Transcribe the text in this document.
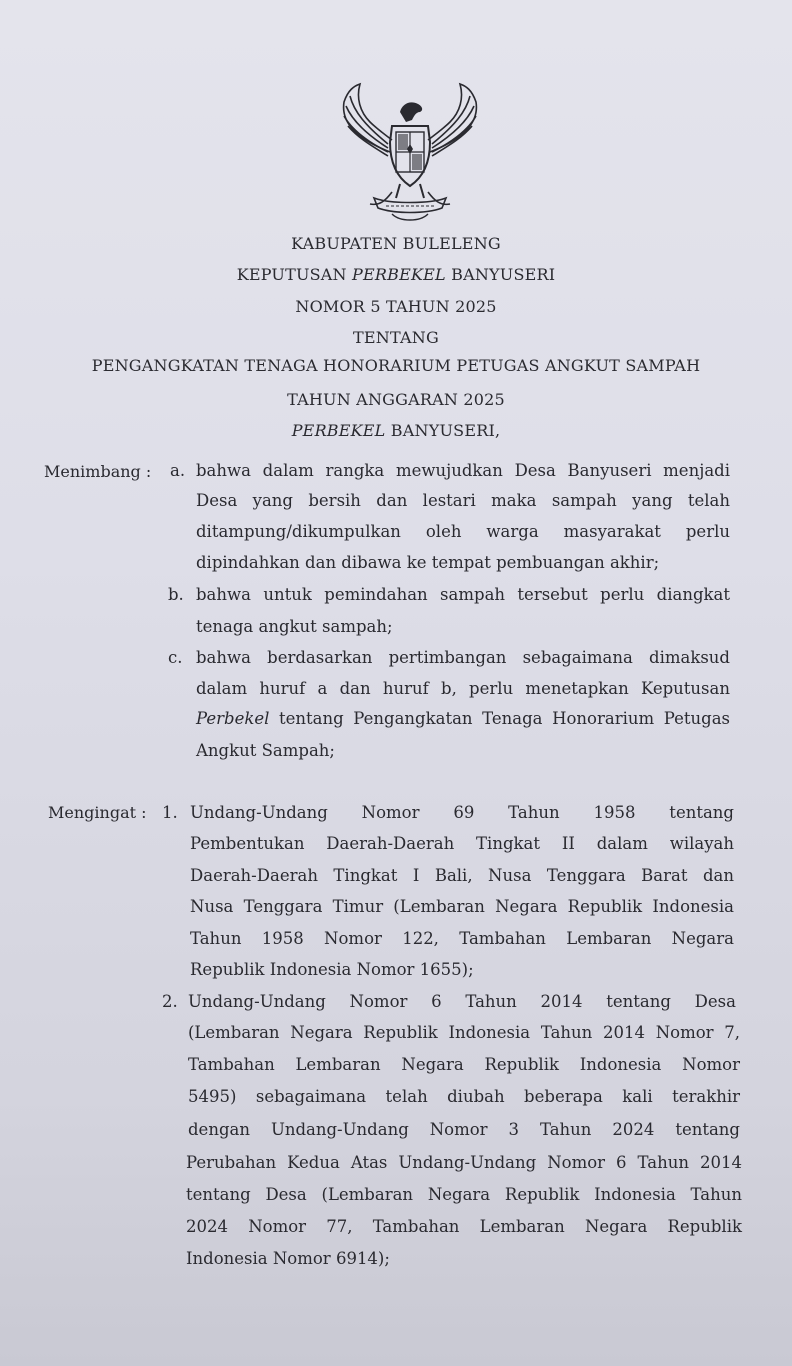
KABUPATEN BULELENG
KEPUTUSAN PERBEKEL BANYUSERI
NOMOR 5 TAHUN 2025
TENTANG
PENGANGKATAN TENAGA HONORARIUM PETUGAS ANGKUT SAMPAH
TAHUN ANGGARAN 2025
PERBEKEL BANYUSERI,
Menimbang : a. bahwa dalam rangka mewujudkan Desa Banyuseri menjadi
Desa yang bersih dan lestari maka sampah yang telah
ditampung/dikumpulkan oleh warga masyarakat perlu
dipindahkan dan dibawa ke tempat pembuangan akhir;
b. bahwa untuk pemindahan sampah tersebut perlu diangkat
tenaga angkut sampah;
c. bahwa berdasarkan pertimbangan sebagaimana dimaksud
dalam huruf a dan huruf b, perlu menetapkan Keputusan
Perbekel tentang Pengangkatan Tenaga Honorarium Petugas
Angkut Sampah;
Mengingat : 1. Undang-Undang Nomor 69 Tahun 1958 tentang
Pembentukan Daerah-Daerah Tingkat II dalam wilayah
Daerah-Daerah Tingkat I Bali, Nusa Tenggara Barat dan
Nusa Tenggara Timur (Lembaran Negara Republik Indonesia
Tahun 1958 Nomor 122, Tambahan Lembaran Negara
Republik Indonesia Nomor 1655);
2. Undang-Undang Nomor 6 Tahun 2014 tentang Desa
(Lembaran Negara Republik Indonesia Tahun 2014 Nomor 7,
Tambahan Lembaran Negara Republik Indonesia Nomor
5495) sebagaimana telah diubah beberapa kali terakhir
dengan Undang-Undang Nomor 3 Tahun 2024 tentang
Perubahan Kedua Atas Undang-Undang Nomor 6 Tahun 2014
tentang Desa (Lembaran Negara Republik Indonesia Tahun
2024 Nomor 77, Tambahan Lembaran Negara Republik
Indonesia Nomor 6914);
